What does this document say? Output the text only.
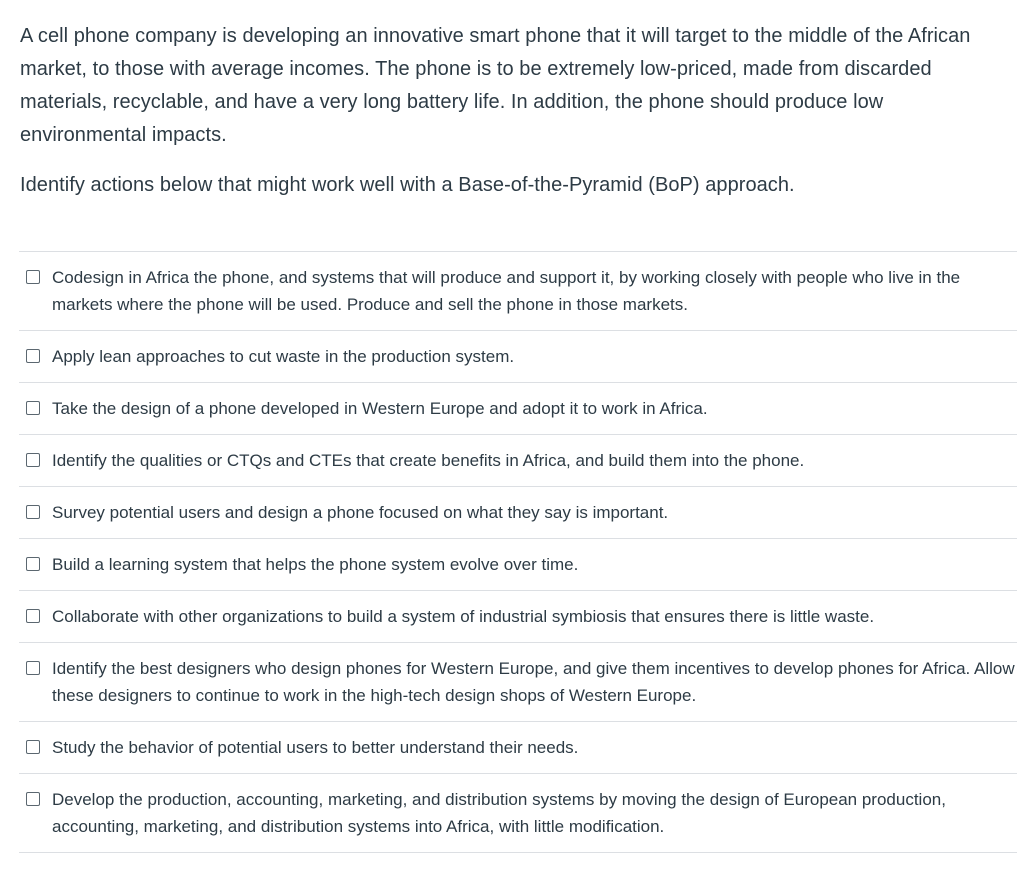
A cell phone company is developing an innovative smart phone that it will target to the middle of the African market, to those with average incomes. The phone is to be extremely low-priced, made from discarded materials, recyclable, and have a very long battery life. In addition, the phone should produce low environmental impacts.

Identify actions below that might work well with a Base-of-the-Pyramid (BoP) approach.

Codesign in Africa the phone, and systems that will produce and support it, by working closely with people who live in the markets where the phone will be used. Produce and sell the phone in those markets.
Apply lean approaches to cut waste in the production system.
Take the design of a phone developed in Western Europe and adopt it to work in Africa.
Identify the qualities or CTQs and CTEs that create benefits in Africa, and build them into the phone.
Survey potential users and design a phone focused on what they say is important.
Build a learning system that helps the phone system evolve over time.
Collaborate with other organizations to build a system of industrial symbiosis that ensures there is little waste.
Identify the best designers who design phones for Western Europe, and give them incentives to develop phones for Africa. Allow these designers to continue to work in the high-tech design shops of Western Europe.
Study the behavior of potential users to better understand their needs.
Develop the production, accounting, marketing, and distribution systems by moving the design of European production, accounting, marketing, and distribution systems into Africa, with little modification.
